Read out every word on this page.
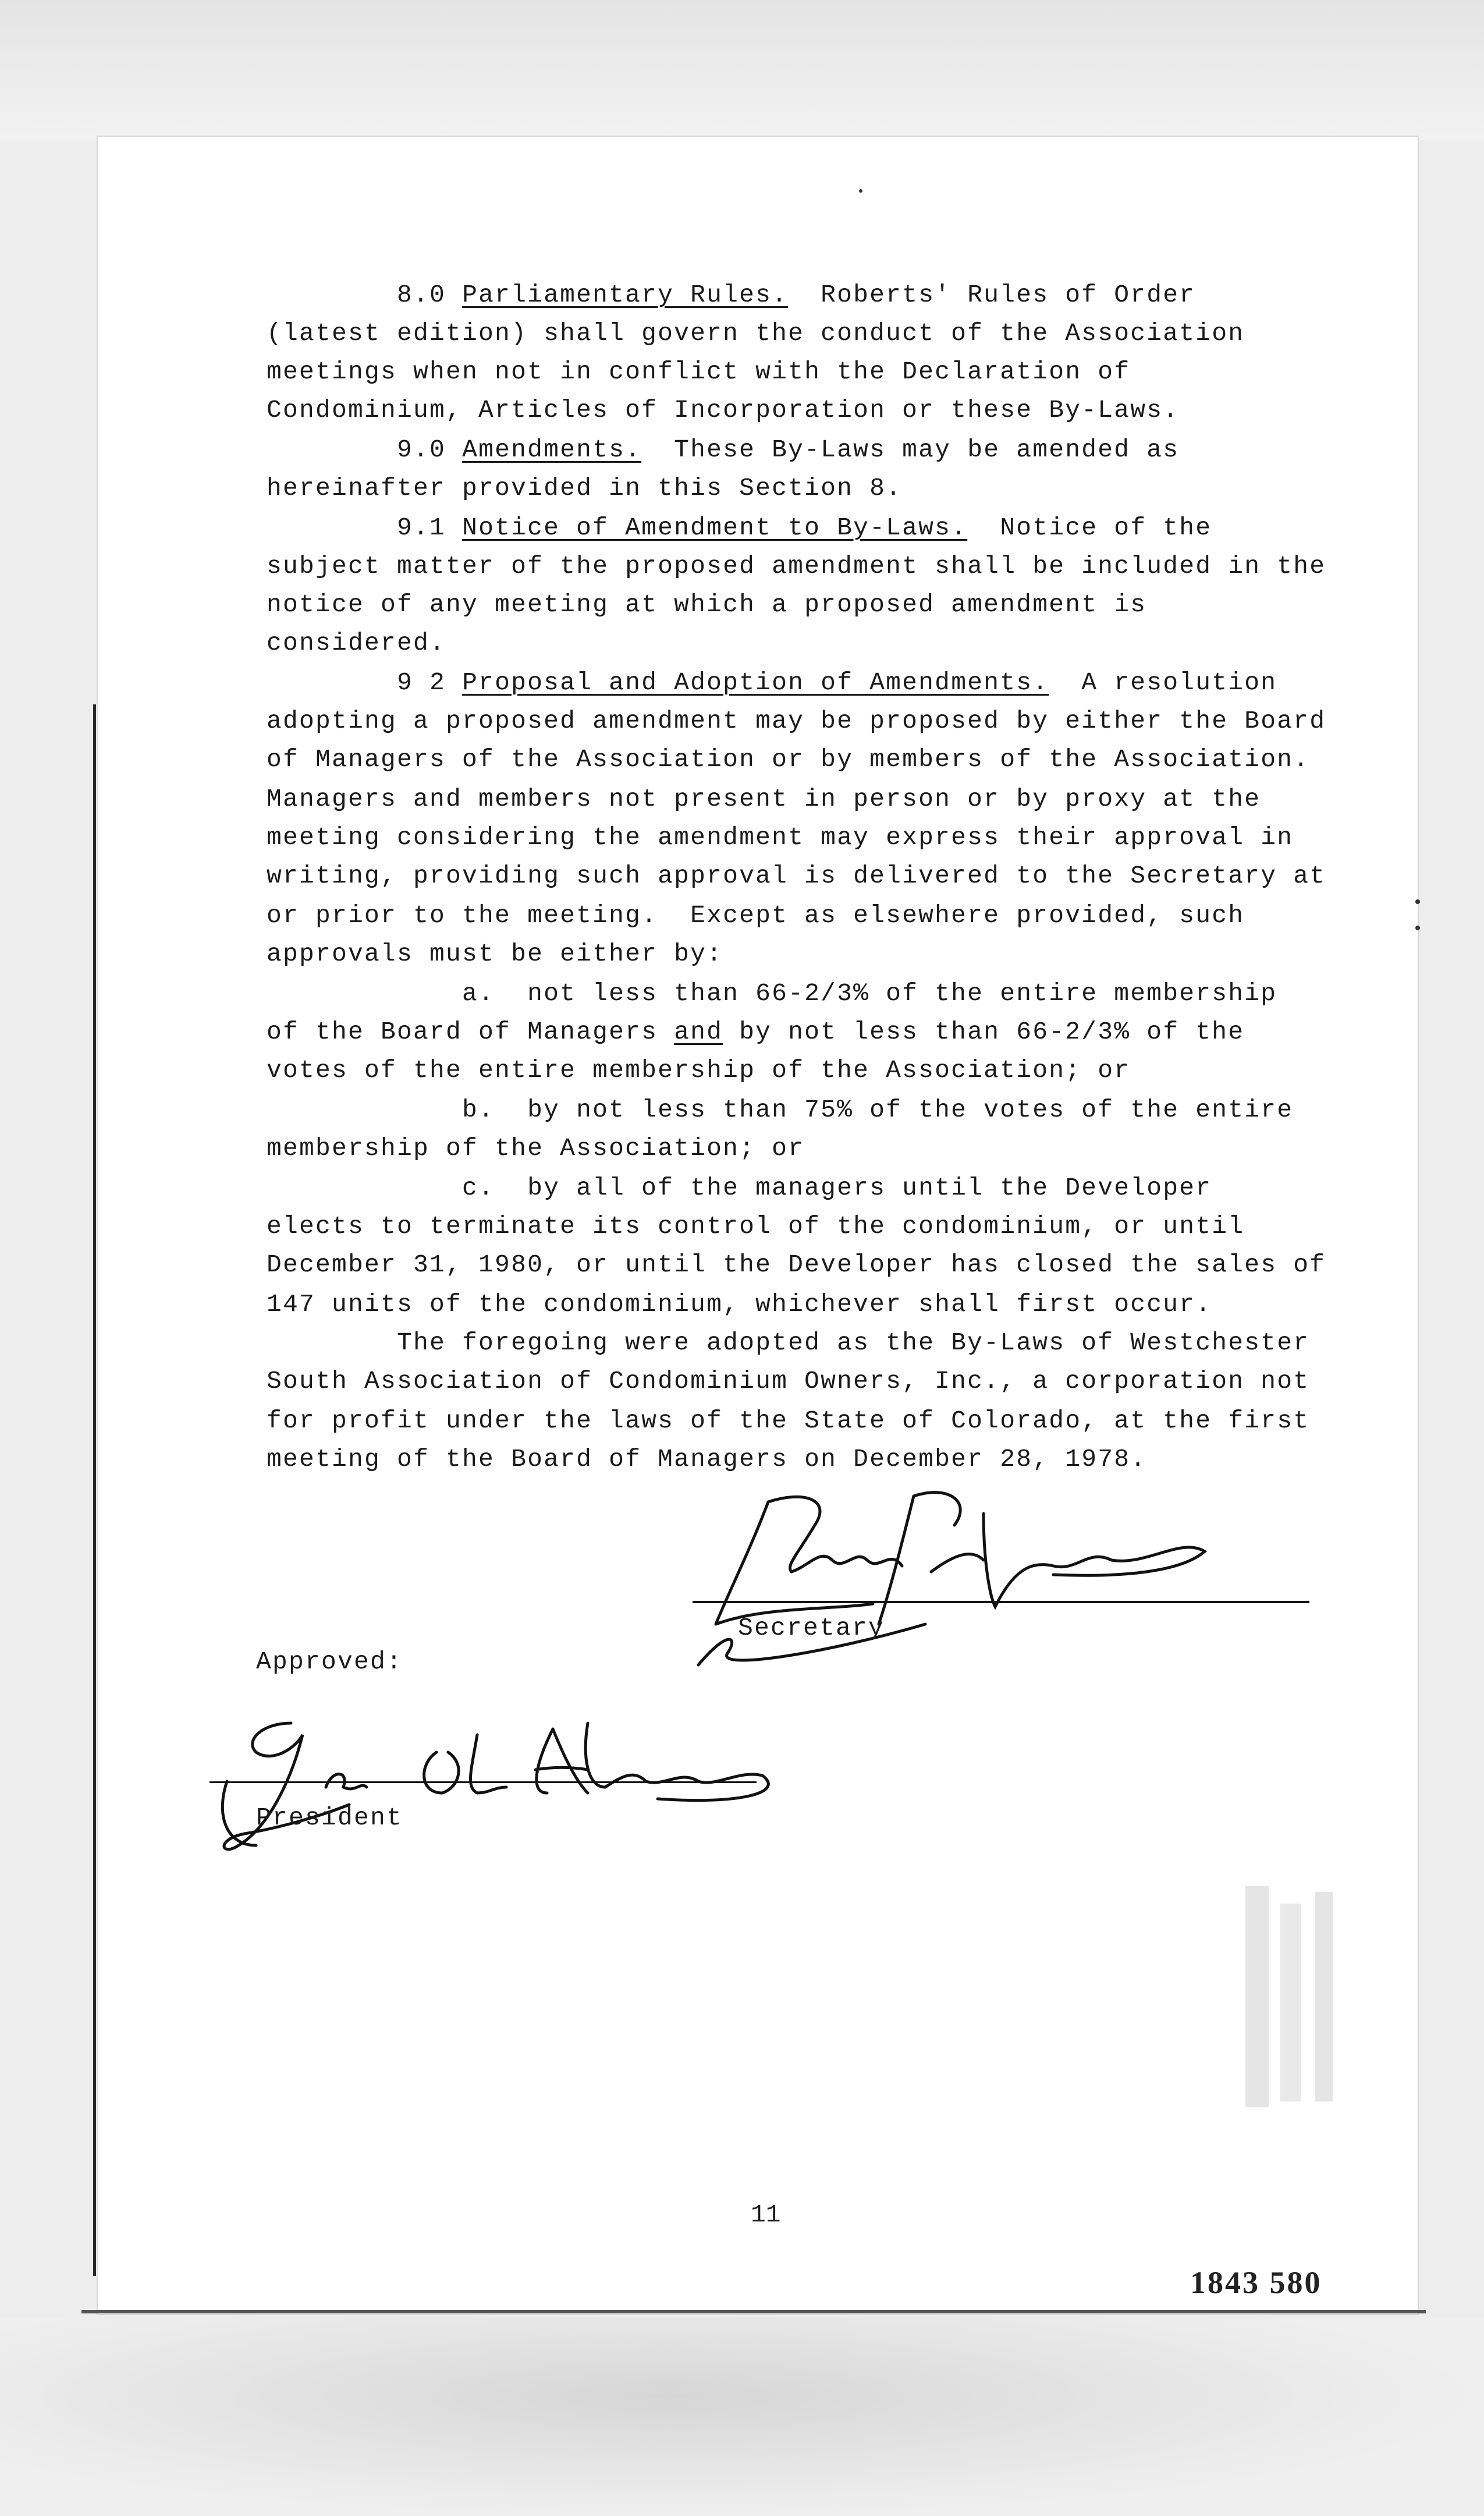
8.0 Parliamentary Rules.  Roberts' Rules of Order
(latest edition) shall govern the conduct of the Association
meetings when not in conflict with the Declaration of
Condominium, Articles of Incorporation or these By-Laws.
9.0 Amendments.  These By-Laws may be amended as
hereinafter provided in this Section 8.
9.1 Notice of Amendment to By-Laws.  Notice of the
subject matter of the proposed amendment shall be included in the
notice of any meeting at which a proposed amendment is
considered.
9 2 Proposal and Adoption of Amendments.  A resolution
adopting a proposed amendment may be proposed by either the Board
of Managers of the Association or by members of the Association.
Managers and members not present in person or by proxy at the
meeting considering the amendment may express their approval in
writing, providing such approval is delivered to the Secretary at
or prior to the meeting.  Except as elsewhere provided, such
approvals must be either by:
a.  not less than 66-2/3% of the entire membership
of the Board of Managers and by not less than 66-2/3% of the
votes of the entire membership of the Association; or
b.  by not less than 75% of the votes of the entire
membership of the Association; or
c.  by all of the managers until the Developer
elects to terminate its control of the condominium, or until
December 31, 1980, or until the Developer has closed the sales of
147 units of the condominium, whichever shall first occur.
The foregoing were adopted as the By-Laws of Westchester
South Association of Condominium Owners, Inc., a corporation not
for profit under the laws of the State of Colorado, at the first
meeting of the Board of Managers on December 28, 1978.
Secretary
Approved:
President
11
1843 580
